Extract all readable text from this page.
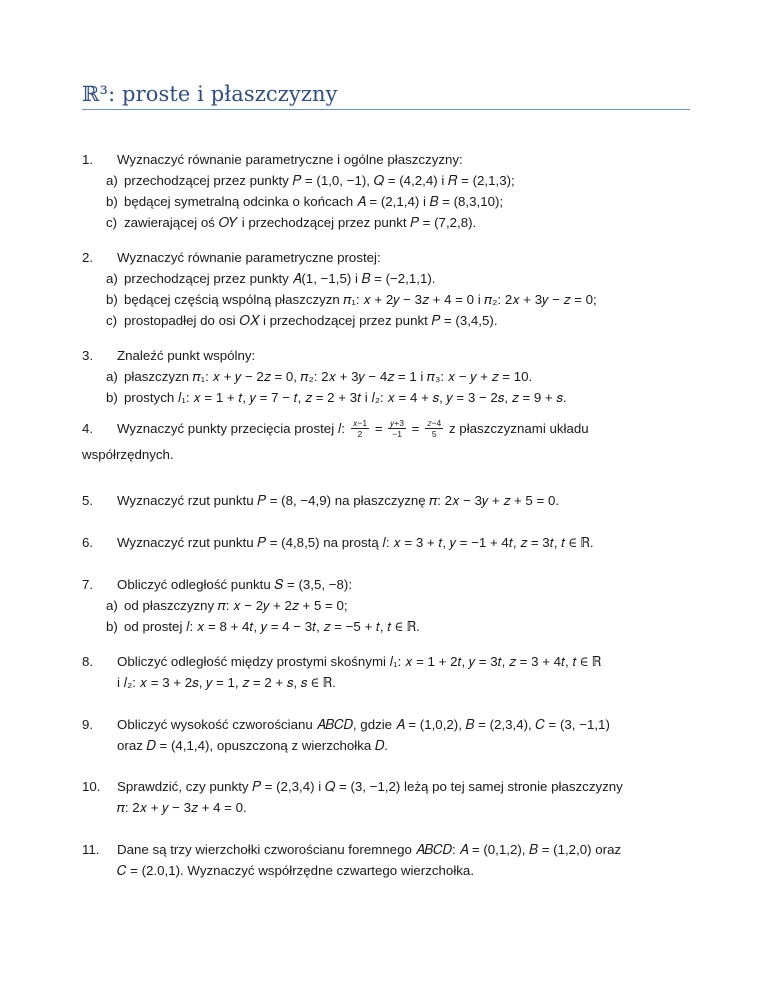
ℝ³: proste i płaszczyzny
1. Wyznaczyć równanie parametryczne i ogólne płaszczyzny:
a) przechodzącej przez punkty 𝑃 = (1,0, −1), 𝑄 = (4,2,4) i 𝑅 = (2,1,3);
b) będącej symetralną odcinka o końcach 𝐴 = (2,1,4) i 𝐵 = (8,3,10);
c) zawierającej oś 𝑂𝑌 i przechodzącej przez punkt 𝑃 = (7,2,8).
2. Wyznaczyć równanie parametryczne prostej:
a) przechodzącej przez punkty 𝐴(1, −1,5) i 𝐵 = (−2,1,1).
b) będącej częścią wspólną płaszczyzn 𝜋₁: 𝑥 + 2𝑦 − 3𝑧 + 4 = 0 i 𝜋₂: 2𝑥 + 3𝑦 − 𝑧 = 0;
c) prostopadłej do osi 𝑂𝑋 i przechodzącej przez punkt 𝑃 = (3,4,5).
3. Znaleźć punkt wspólny:
a) płaszczyzn 𝜋₁: 𝑥 + 𝑦 − 2𝑧 = 0, 𝜋₂: 2𝑥 + 3𝑦 − 4𝑧 = 1 i 𝜋₃: 𝑥 − 𝑦 + 𝑧 = 10.
b) prostych 𝑙₁: 𝑥 = 1 + 𝑡, 𝑦 = 7 − 𝑡, 𝑧 = 2 + 3𝑡 i 𝑙₂: 𝑥 = 4 + 𝑠, 𝑦 = 3 − 2𝑠, 𝑧 = 9 + 𝑠.
4. Wyznaczyć punkty przecięcia prostej 𝑙: $\frac{\text{𝑥−1}}{2} = \frac{\text{𝑦+3}}{-1} = \frac{\text{𝑧−4}}{5}$ z płaszczyznami układu
współrzędnych.
5. Wyznaczyć rzut punktu 𝑃 = (8, −4,9) na płaszczyznę 𝜋: 2𝑥 − 3𝑦 + 𝑧 + 5 = 0.
6. Wyznaczyć rzut punktu 𝑃 = (4,8,5) na prostą 𝑙: 𝑥 = 3 + 𝑡, 𝑦 = −1 + 4𝑡, 𝑧 = 3𝑡, 𝑡 ∈ ℝ.
7. Obliczyć odległość punktu 𝑆 = (3,5, −8):
a) od płaszczyzny 𝜋: 𝑥 − 2𝑦 + 2𝑧 + 5 = 0;
b) od prostej 𝑙: 𝑥 = 8 + 4𝑡, 𝑦 = 4 − 3𝑡, 𝑧 = −5 + 𝑡, 𝑡 ∈ ℝ.
8. Obliczyć odległość między prostymi skośnymi 𝑙₁: 𝑥 = 1 + 2𝑡, 𝑦 = 3𝑡, 𝑧 = 3 + 4𝑡, 𝑡 ∈ ℝ
i 𝑙₂: 𝑥 = 3 + 2𝑠, 𝑦 = 1, 𝑧 = 2 + 𝑠, 𝑠 ∈ ℝ.
9. Obliczyć wysokość czworościanu 𝐴𝐵𝐶𝐷, gdzie 𝐴 = (1,0,2), 𝐵 = (2,3,4), 𝐶 = (3, −1,1)
oraz 𝐷 = (4,1,4), opuszczoną z wierzchołka 𝐷.
10. Sprawdzić, czy punkty 𝑃 = (2,3,4) i 𝑄 = (3, −1,2) leżą po tej samej stronie płaszczyzny
𝜋: 2𝑥 + 𝑦 − 3𝑧 + 4 = 0.
11. Dane są trzy wierzchołki czworościanu foremnego 𝐴𝐵𝐶𝐷: 𝐴 = (0,1,2), 𝐵 = (1,2,0) oraz
𝐶 = (2.0,1). Wyznaczyć współrzędne czwartego wierzchołka.
